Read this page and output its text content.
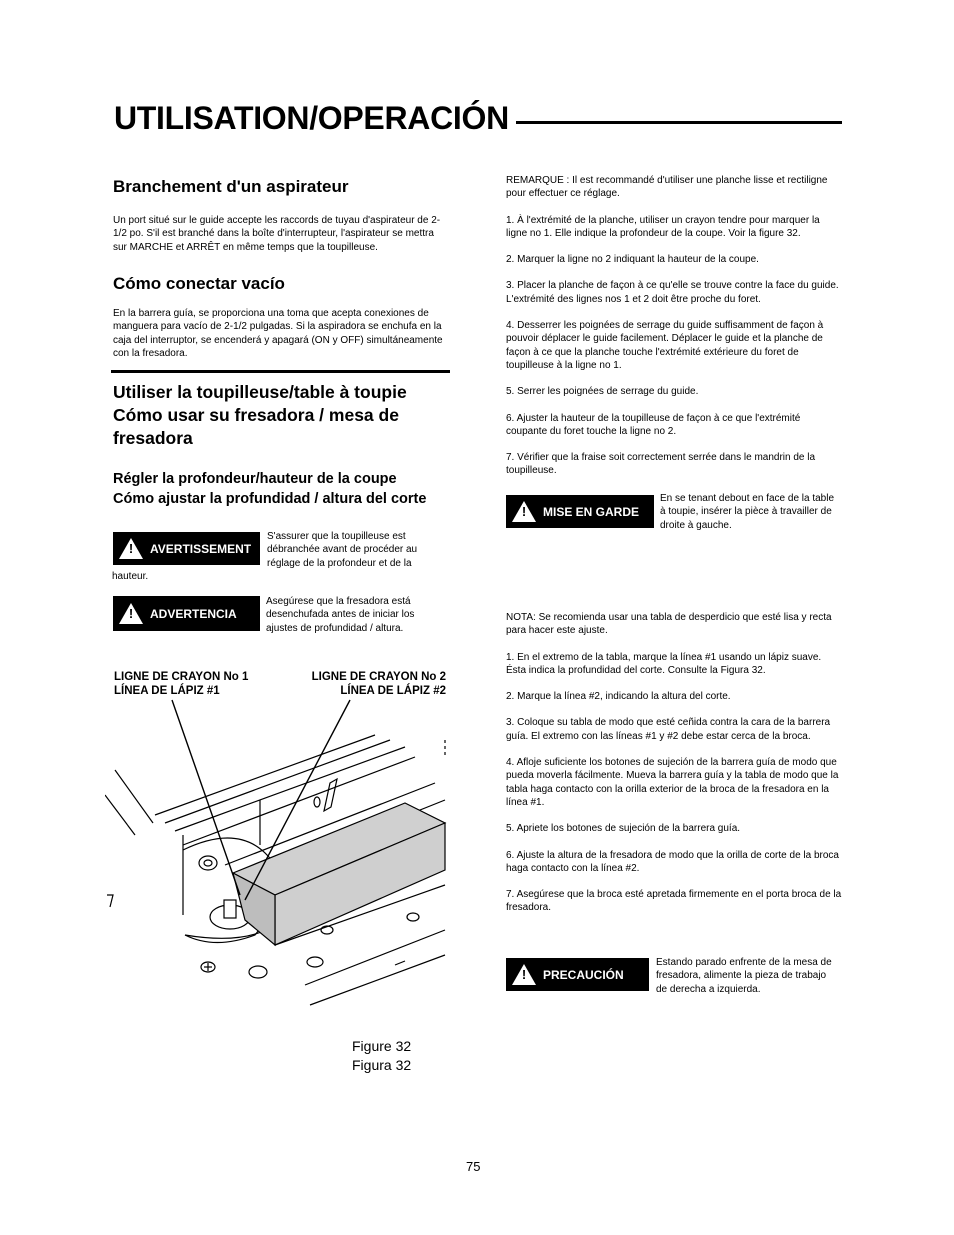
UTILISATION/OPERACIÓN
Branchement d'un aspirateur
Un port situé sur le guide accepte les raccords de tuyau d'aspirateur de 2-1/2 po. S'il est branché dans la boîte d'interrupteur, l'aspirateur se mettra sur MARCHE et ARRÊT en même temps que la toupilleuse.
Cómo conectar vacío
En la barrera guía, se proporciona una toma que acepta conexiones de manguera para vacío de 2-1/2 pulgadas. Si la aspiradora se enchufa en la caja del interruptor, se encenderá y apagará (ON y OFF) simultáneamente con la fresadora.
Utiliser la toupilleuse/table à toupie
Cómo usar su fresadora / mesa de
fresadora
Régler la profondeur/hauteur de la coupe
Cómo ajustar la profundidad / altura del corte
! AVERTISSEMENT
S'assurer que la toupilleuse est
débranchée avant de procéder au
réglage de la profondeur et de la
hauteur.
! ADVERTENCIA
Asegúrese que la fresadora está desenchufada antes de iniciar los ajustes de profundidad / altura.
LIGNE DE CRAYON No 1
LÍNEA DE LÁPIZ #1
LIGNE DE CRAYON No 2
LÍNEA DE LÁPIZ #2
Figure 32
Figura 32

REMARQUE : Il est recommandé d'utiliser une planche lisse et rectiligne pour effectuer ce réglage.

1. À l'extrémité de la planche, utiliser un crayon tendre pour marquer la ligne no 1. Elle indique la profondeur de la coupe. Voir la figure 32.

2. Marquer la ligne no 2 indiquant la hauteur de la coupe.

3. Placer la planche de façon à ce qu'elle se trouve contre la face du guide. L'extrémité des lignes nos 1 et 2 doit être proche du foret.

4. Desserrer les poignées de serrage du guide suffisamment de façon à pouvoir déplacer le guide facilement. Déplacer le guide et la planche de façon à ce que la planche touche l'extrémité extérieure du foret de toupilleuse à la ligne no 1.

5. Serrer les poignées de serrage du guide.

6. Ajuster la hauteur de la toupilleuse de façon à ce que l'extrémité coupante du foret touche la ligne no 2.

7. Vérifier que la fraise soit correctement serrée dans le mandrin de la toupilleuse.

! MISE EN GARDE
En se tenant debout en face de la table à toupie, insérer la pièce à travailler de droite à gauche.

NOTA: Se recomienda usar una tabla de desperdicio que esté lisa y recta para hacer este ajuste.

1. En el extremo de la tabla, marque la línea #1 usando un lápiz suave. Ésta indica la profundidad del corte. Consulte la Figura 32.

2. Marque la línea #2, indicando la altura del corte.

3. Coloque su tabla de modo que esté ceñida contra la cara de la barrera guía. El extremo con las líneas #1 y #2 debe estar cerca de la broca.

4. Afloje suficiente los botones de sujeción de la barrera guía de modo que pueda moverla fácilmente. Mueva la barrera guía y la tabla de modo que la tabla haga contacto con la orilla exterior de la broca de la fresadora en la línea #1.

5. Apriete los botones de sujeción de la barrera guía.

6. Ajuste la altura de la fresadora de modo que la orilla de corte de la broca haga contacto con la línea #2.

7. Asegúrese que la broca esté apretada firmemente en el porta broca de la fresadora.

! PRECAUCIÓN
Estando parado enfrente de la mesa de fresadora, alimente la pieza de trabajo de derecha a izquierda.
75
